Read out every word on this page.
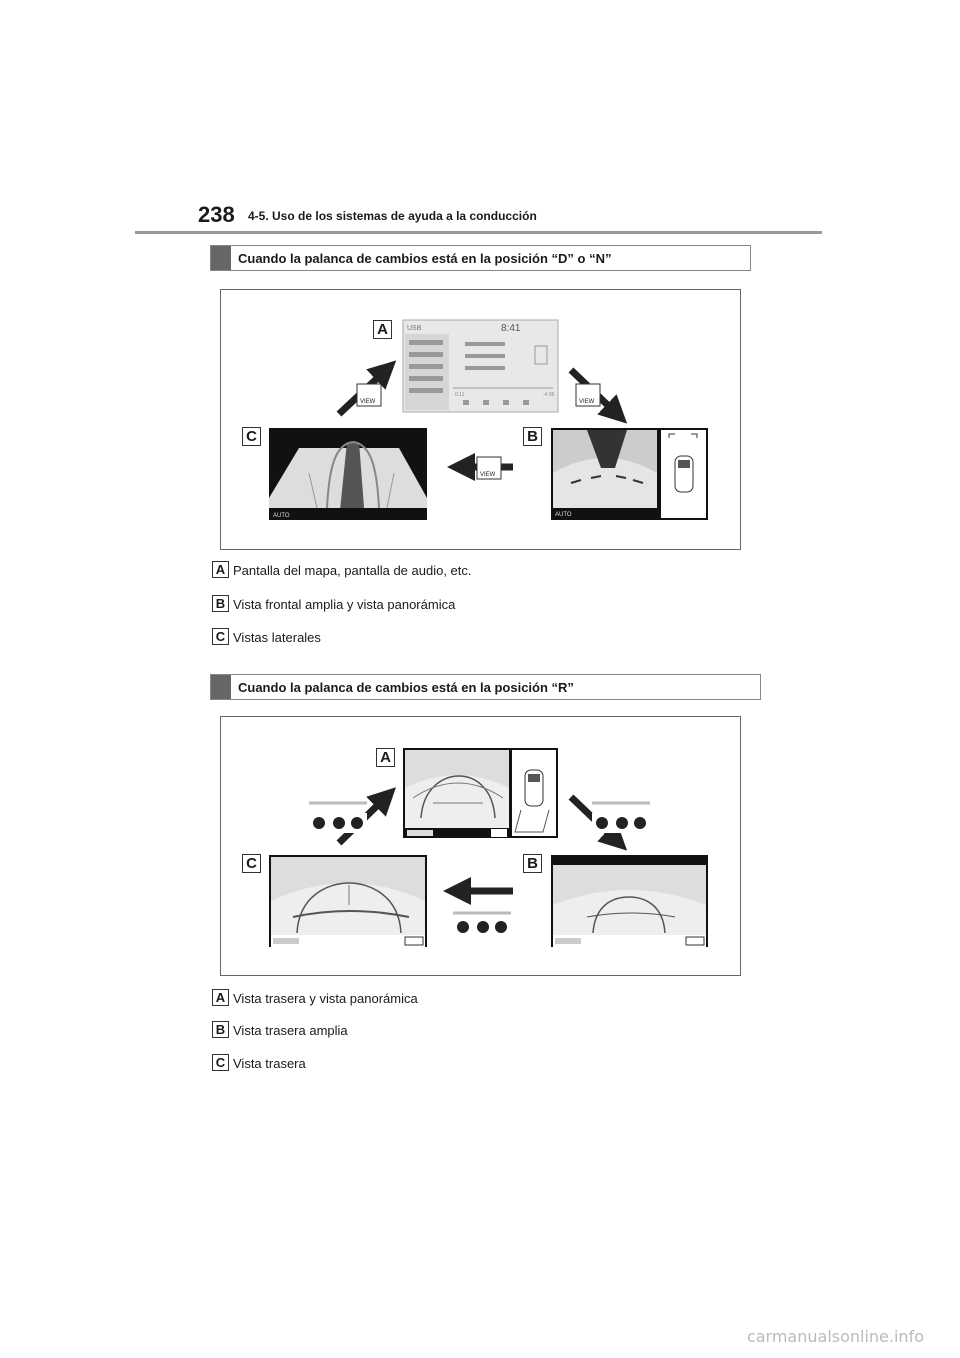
238 4-5. Uso de los sistemas de ayuda a la conducción
Cuando la palanca de cambios está en la posición “D” o “N”
USB	8:41
0:11	-4:36
AUTO	AUTO
VIEW	VIEW
VIEW
A
B
C
A Pantalla del mapa, pantalla de audio, etc.
B Vista frontal amplia y vista panorámica
C Vistas laterales
Cuando la palanca de cambios está en la posición “R”
A
B
C
A Vista trasera y vista panorámica
B Vista trasera amplia
C Vista trasera
carmanualsonline.info
